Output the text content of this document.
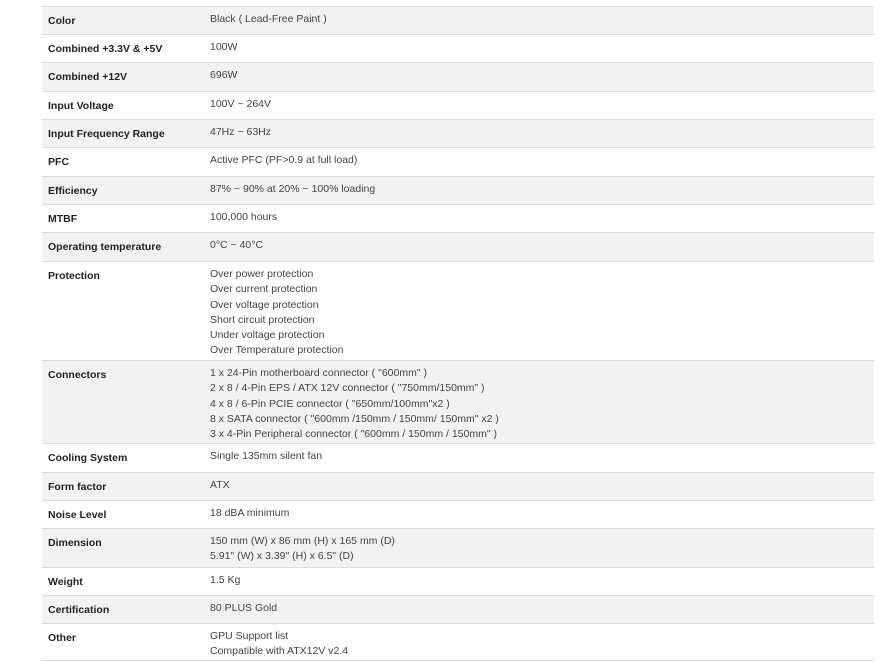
Color	Black ( Lead-Free Paint )
Combined +3.3V & +5V	100W
Combined +12V	696W
Input Voltage	100V ~ 264V
Input Frequency Range	47Hz ~ 63Hz
PFC	Active PFC (PF>0.9 at full load)
Efficiency	87% ~ 90% at 20% ~ 100% loading
MTBF	100,000 hours
Operating temperature	0°C ~ 40°C
Protection	Over power protection
Over current protection
Over voltage protection
Short circuit protection
Under voltage protection
Over Temperature protection
Connectors	1 x 24-Pin motherboard connector ( "600mm" )
2 x 8 / 4-Pin EPS / ATX 12V connector ( "750mm/150mm" )
4 x 8 / 6-Pin PCIE connector ( "650mm/100mm"x2 )
8 x SATA connector ( "600mm /150mm / 150mm/ 150mm" x2 )
3 x 4-Pin Peripheral connector ( "600mm / 150mm / 150mm" )
Cooling System	Single 135mm silent fan
Form factor	ATX
Noise Level	18 dBA minimum
Dimension	150 mm (W) x 86 mm (H) x 165 mm (D)
5.91" (W) x 3.39" (H) x 6.5" (D)
Weight	1.5 Kg
Certification	80 PLUS Gold
Other	GPU Support list
Compatible with ATX12V v2.4
